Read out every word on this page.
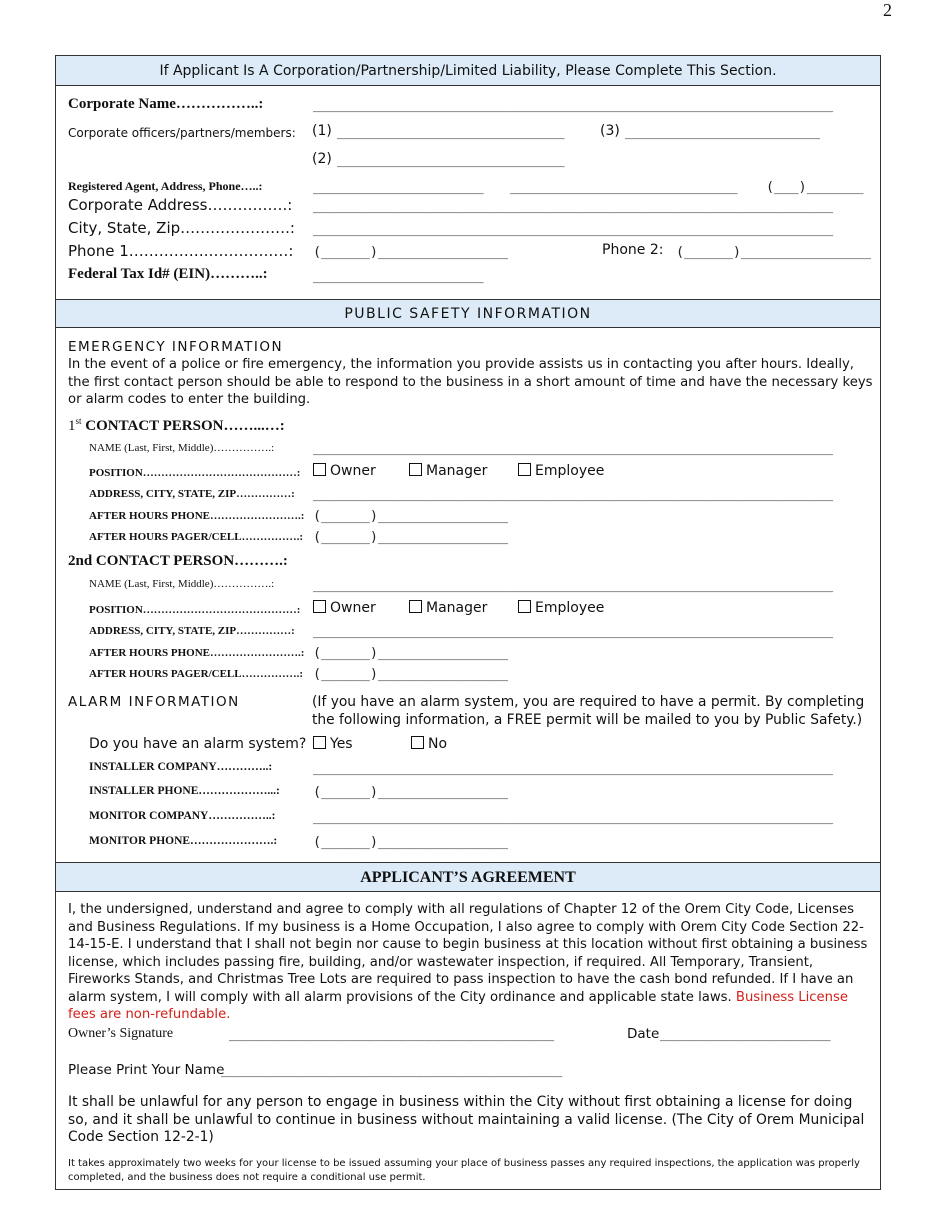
2
If Applicant Is A Corporation/Partnership/Limited Liability, Please Complete This Section.
Corporate Name……………..:	________________________________________________________________
Corporate officers/partners/members: (1) ____________________________	(3) ________________________
(2) ____________________________
Registered Agent, Address, Phone…..:	_____________________ ____________________________ (___)_______
Corporate Address…………….: ________________________________________________________________
City, State, Zip………………….: ________________________________________________________________
Phone 1…………….………….…: (______)________________	Phone 2: (______)________________
Federal Tax Id# (EIN)………..:	_____________________
PUBLIC SAFETY INFORMATION
EMERGENCY INFORMATION
In the event of a police or fire emergency, the information you provide assists us in contacting you after hours. Ideally, the first contact person should be able to respond to the business in a short amount of time and have the necessary keys or alarm codes to enter the building.
1st CONTACT PERSON……...…:
NAME (Last, First, Middle)…………….:	________________________________________________________________
POSITION……………………………………:	Owner	Manager	Employee
ADDRESS, CITY, STATE, ZIP……………: ________________________________________________________________
AFTER HOURS PHONE…………………….: (______)________________
AFTER HOURS PAGER/CELL…………….: (______)________________
2nd CONTACT PERSON……….:
NAME (Last, First, Middle)…………….:	________________________________________________________________
POSITION……………………………………:	Owner	Manager	Employee
ADDRESS, CITY, STATE, ZIP……………: ________________________________________________________________
AFTER HOURS PHONE…………………….: (______)________________
AFTER HOURS PAGER/CELL…………….: (______)________________
ALARM INFORMATION	(If you have an alarm system, you are required to have a permit. By completing the following information, a FREE permit will be mailed to you by Public Safety.)
Do you have an alarm system?	Yes	No
INSTALLER COMPANY…………..:	________________________________________________________________
INSTALLER PHONE………………...: (______)________________
MONITOR COMPANY……………..:	________________________________________________________________
MONITOR PHONE………………….:	(______)________________
APPLICANT’S AGREEMENT
I, the undersigned, understand and agree to comply with all regulations of Chapter 12 of the Orem City Code, Licenses and Business Regulations. If my business is a Home Occupation, I also agree to comply with Orem City Code Section 22-14-15-E. I understand that I shall not begin nor cause to begin business at this location without first obtaining a business license, which includes passing fire, building, and/or wastewater inspection, if required. All Temporary, Transient, Fireworks Stands, and Christmas Tree Lots are required to pass inspection to have the cash bond refunded. If I have an alarm system, I will comply with all alarm provisions of the City ordinance and applicable state laws. Business License fees are non-refundable.
Owner’s Signature	________________________________________	Date _____________________
Please Print Your Name
__________________________________________
It shall be unlawful for any person to engage in business within the City without first obtaining a license for doing so, and it shall be unlawful to continue in business without maintaining a valid license. (The City of Orem Municipal Code Section 12-2-1)
It takes approximately two weeks for your license to be issued assuming your place of business passes any required inspections, the application was properly completed, and the business does not require a conditional use permit.
